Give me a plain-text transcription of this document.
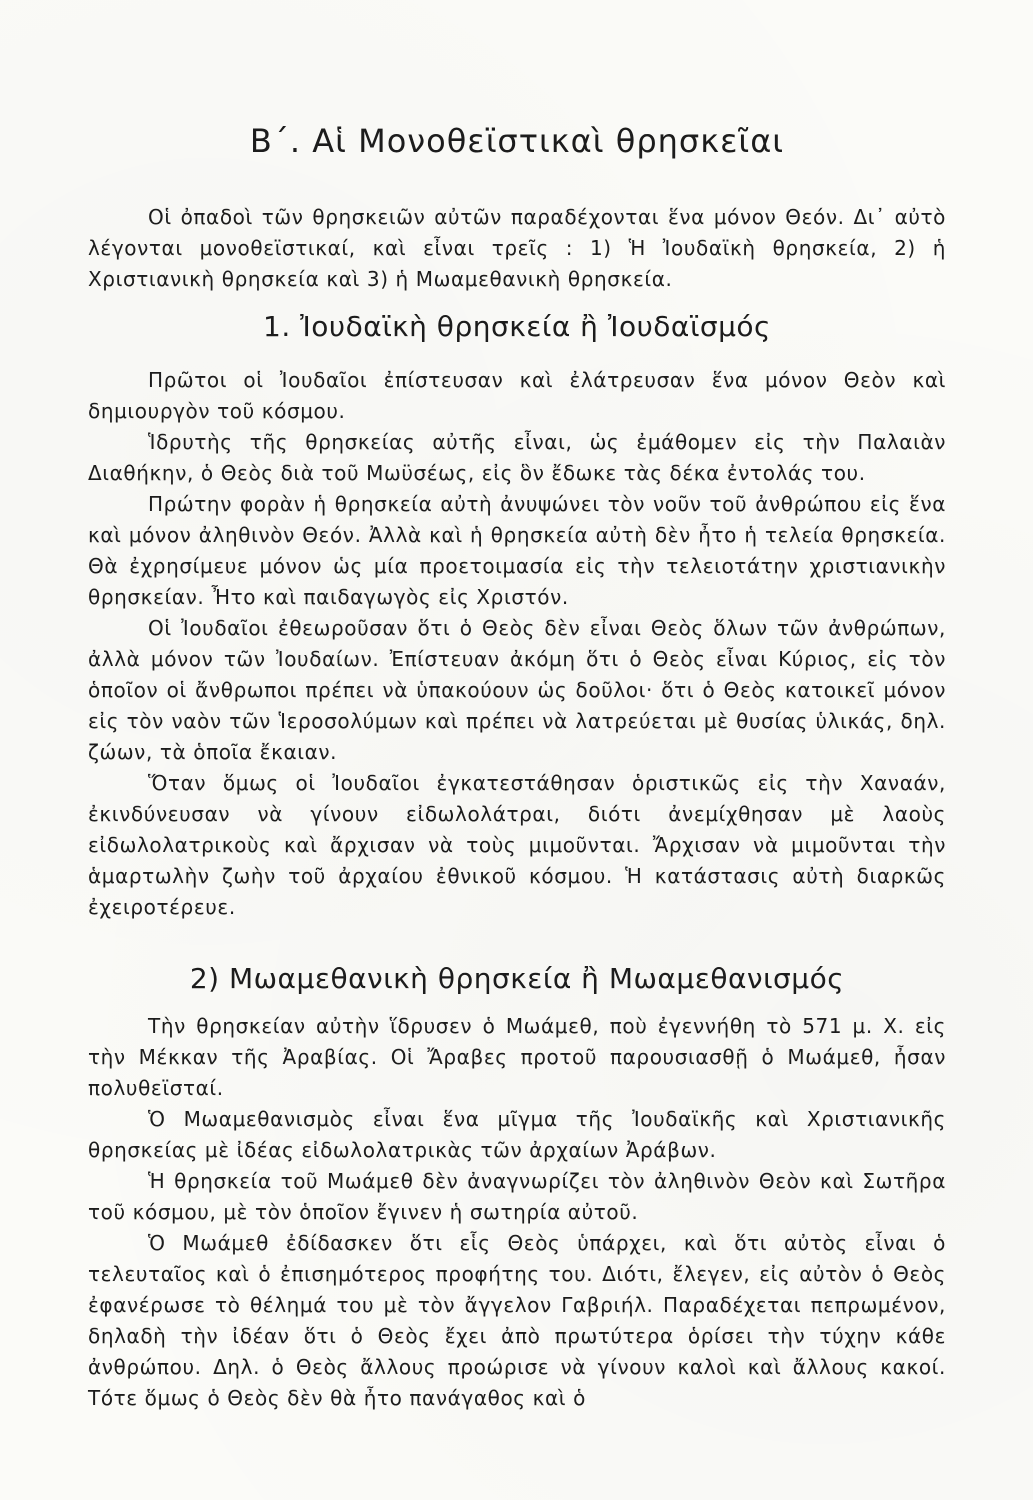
Β΄. Αἱ Μονοθεϊστικαὶ θρησκεῖαι

Οἱ ὀπαδοὶ τῶν θρησκειῶν αὐτῶν παραδέχονται ἕνα μόνον Θεόν. Δι᾽ αὐτὸ λέγονται μονοθεϊστικαί, καὶ εἶναι τρεῖς : 1) Ἡ Ἰουδαϊκὴ θρησκεία, 2) ἡ Χριστιανικὴ θρησκεία καὶ 3) ἡ Μωαμεθανικὴ θρησκεία.

1. Ἰουδαϊκὴ θρησκεία ἢ Ἰουδαϊσμός

Πρῶτοι οἱ Ἰουδαῖοι ἐπίστευσαν καὶ ἐλάτρευσαν ἕνα μόνον Θεὸν καὶ δημιουργὸν τοῦ κόσμου.

Ἱδρυτὴς τῆς θρησκείας αὐτῆς εἶναι, ὡς ἐμάθομεν εἰς τὴν Παλαιὰν Διαθήκην, ὁ Θεὸς διὰ τοῦ Μωϋσέως, εἰς ὃν ἔδωκε τὰς δέκα ἐντολάς του.

Πρώτην φορὰν ἡ θρησκεία αὐτὴ ἀνυψώνει τὸν νοῦν τοῦ ἀνθρώπου εἰς ἕνα καὶ μόνον ἀληθινὸν Θεόν. Ἀλλὰ καὶ ἡ θρησκεία αὐτὴ δὲν ἦτο ἡ τελεία θρησκεία. Θὰ ἐχρησίμευε μόνον ὡς μία προετοιμασία εἰς τὴν τελειοτάτην χριστιανικὴν θρησκείαν. Ἦτο καὶ παιδαγωγὸς εἰς Χριστόν.

Οἱ Ἰουδαῖοι ἐθεωροῦσαν ὅτι ὁ Θεὸς δὲν εἶναι Θεὸς ὅλων τῶν ἀνθρώπων, ἀλλὰ μόνον τῶν Ἰουδαίων. Ἐπίστευαν ἀκόμη ὅτι ὁ Θεὸς εἶναι Κύριος, εἰς τὸν ὁποῖον οἱ ἄνθρωποι πρέπει νὰ ὑπακούουν ὡς δοῦλοι· ὅτι ὁ Θεὸς κατοικεῖ μόνον εἰς τὸν ναὸν τῶν Ἱεροσολύμων καὶ πρέπει νὰ λατρεύεται μὲ θυσίας ὑλικάς, δηλ. ζώων, τὰ ὁποῖα ἔκαιαν.

Ὅταν ὅμως οἱ Ἰουδαῖοι ἐγκατεστάθησαν ὁριστικῶς εἰς τὴν Χαναάν, ἐκινδύνευσαν νὰ γίνουν εἰδωλολάτραι, διότι ἀνεμίχθησαν μὲ λαοὺς εἰδωλολατρικοὺς καὶ ἄρχισαν νὰ τοὺς μιμοῦνται. Ἄρχισαν νὰ μιμοῦνται τὴν ἁμαρτωλὴν ζωὴν τοῦ ἀρχαίου ἐθνικοῦ κόσμου. Ἡ κατάστασις αὐτὴ διαρκῶς ἐχειροτέρευε.

2) Μωαμεθανικὴ θρησκεία ἢ Μωαμεθανισμός

Τὴν θρησκείαν αὐτὴν ἵδρυσεν ὁ Μωάμεθ, ποὺ ἐγεννήθη τὸ 571 μ. Χ. εἰς τὴν Μέκκαν τῆς Ἀραβίας. Οἱ Ἄραβες προτοῦ παρουσιασθῇ ὁ Μωάμεθ, ἦσαν πολυθεϊσταί.

Ὁ Μωαμεθανισμὸς εἶναι ἕνα μῖγμα τῆς Ἰουδαϊκῆς καὶ Χριστιανικῆς θρησκείας μὲ ἰδέας εἰδωλολατρικὰς τῶν ἀρχαίων Ἀράβων.

Ἡ θρησκεία τοῦ Μωάμεθ δὲν ἀναγνωρίζει τὸν ἀληθινὸν Θεὸν καὶ Σωτῆρα τοῦ κόσμου, μὲ τὸν ὁποῖον ἔγινεν ἡ σωτηρία αὐτοῦ.

Ὁ Μωάμεθ ἐδίδασκεν ὅτι εἷς Θεὸς ὑπάρχει, καὶ ὅτι αὐτὸς εἶναι ὁ τελευταῖος καὶ ὁ ἐπισημότερος προφήτης του. Διότι, ἔλεγεν, εἰς αὐτὸν ὁ Θεὸς ἐφανέρωσε τὸ θέλημά του μὲ τὸν ἄγγελον Γαβριήλ. Παραδέχεται πεπρωμένον, δηλαδὴ τὴν ἰδέαν ὅτι ὁ Θεὸς ἔχει ἀπὸ πρωτύτερα ὁρίσει τὴν τύχην κάθε ἀνθρώπου. Δηλ. ὁ Θεὸς ἄλλους προώρισε νὰ γίνουν καλοὶ καὶ ἄλλους κακοί. Τότε ὅμως ὁ Θεὸς δὲν θὰ ἦτο πανάγαθος καὶ ὁ
